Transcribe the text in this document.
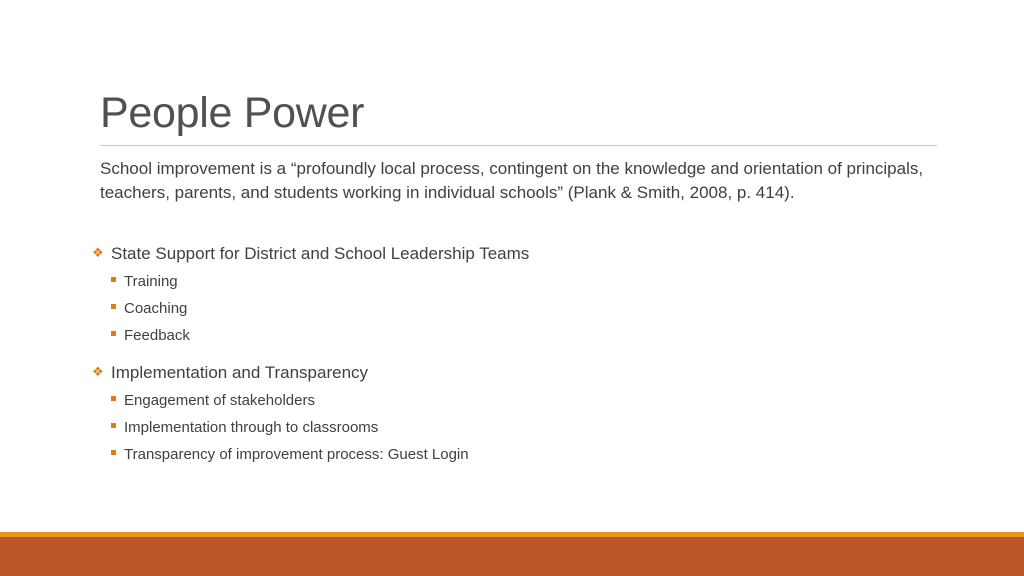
People Power

School improvement is a “profoundly local process, contingent on the knowledge and orientation of principals, teachers, parents, and students working in individual schools” (Plank & Smith, 2008, p. 414).

❖ State Support for District and School Leadership Teams
Training
Coaching
Feedback
❖ Implementation and Transparency
Engagement of stakeholders
Implementation through to classrooms
Transparency of improvement process: Guest Login
